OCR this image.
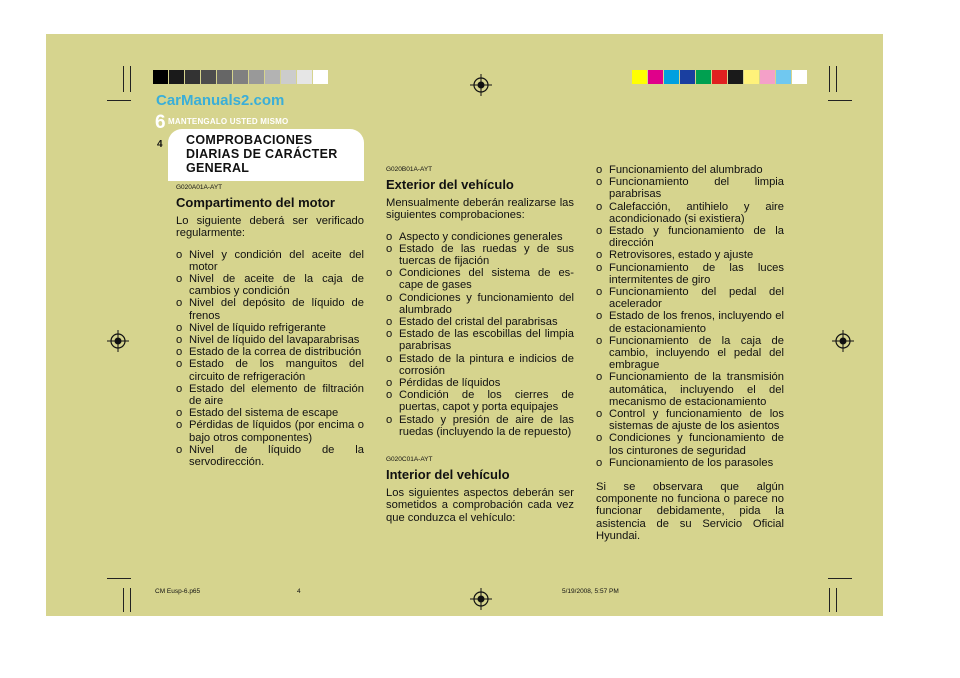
CarManuals2.com
6 MANTENGALO USTED MISMO
4 COMPROBACIONES DIARIAS DE CARÁCTER GENERAL
G020A01A-AYT
Compartimento del motor
Lo siguiente deberá ser verificado regularmente:
o Nivel y condición del aceite del motor
o Nivel de aceite de la caja de cambios y condición
o Nivel del depósito de líquido de frenos
o Nivel de líquido refrigerante
o Nivel de líquido del lavaparabrisas
o Estado de la correa de distribución
o Estado de los manguitos del circuito de refrigeración
o Estado del elemento de filtración de aire
o Estado del sistema de escape
o Pérdidas de líquidos (por encima o bajo otros componentes)
o Nivel de líquido de la servodirección.
G020B01A-AYT
Exterior del vehículo
Mensualmente deberán realizarse las siguientes comprobaciones:
o Aspecto y condiciones generales
o Estado de las ruedas y de sus tuercas de fijación
o Condiciones del sistema de es- cape de gases
o Condiciones y funcionamiento del alumbrado
o Estado del cristal del parabrisas
o Estado de las escobillas del limpia parabrisas
o Estado de la pintura e indicios de corrosión
o Pérdidas de líquidos
o Condición de los cierres de puertas, capot y porta equipajes
o Estado y presión de aire de las ruedas (incluyendo la de repuesto)
G020C01A-AYT
Interior del vehículo
Los siguientes aspectos deberán ser sometidos a comprobación cada vez que conduzca el vehículo:
o Funcionamiento del alumbrado
o Funcionamiento del limpia parabrisas
o Calefacción, antihielo y aire acondicionado (si existiera)
o Estado y funcionamiento de la dirección
o Retrovisores, estado y ajuste
o Funcionamiento de las luces intermitentes de giro
o Funcionamiento del pedal del acelerador
o Estado de los frenos, incluyendo el de estacionamiento
o Funcionamiento de la caja de cambio, incluyendo el pedal del embrague
o Funcionamiento de la transmisión automática, incluyendo el del mecanismo de estacionamiento
o Control y funcionamiento de los sistemas de ajuste de los asientos
o Condiciones y funcionamiento de los cinturones de seguridad
o Funcionamiento de los parasoles
Si se observara que algún componente no funciona o parece no funcionar debidamente, pida la asistencia de su Servicio Oficial Hyundai.
CM Eusp-6.p65	4	5/19/2008, 5:57 PM
